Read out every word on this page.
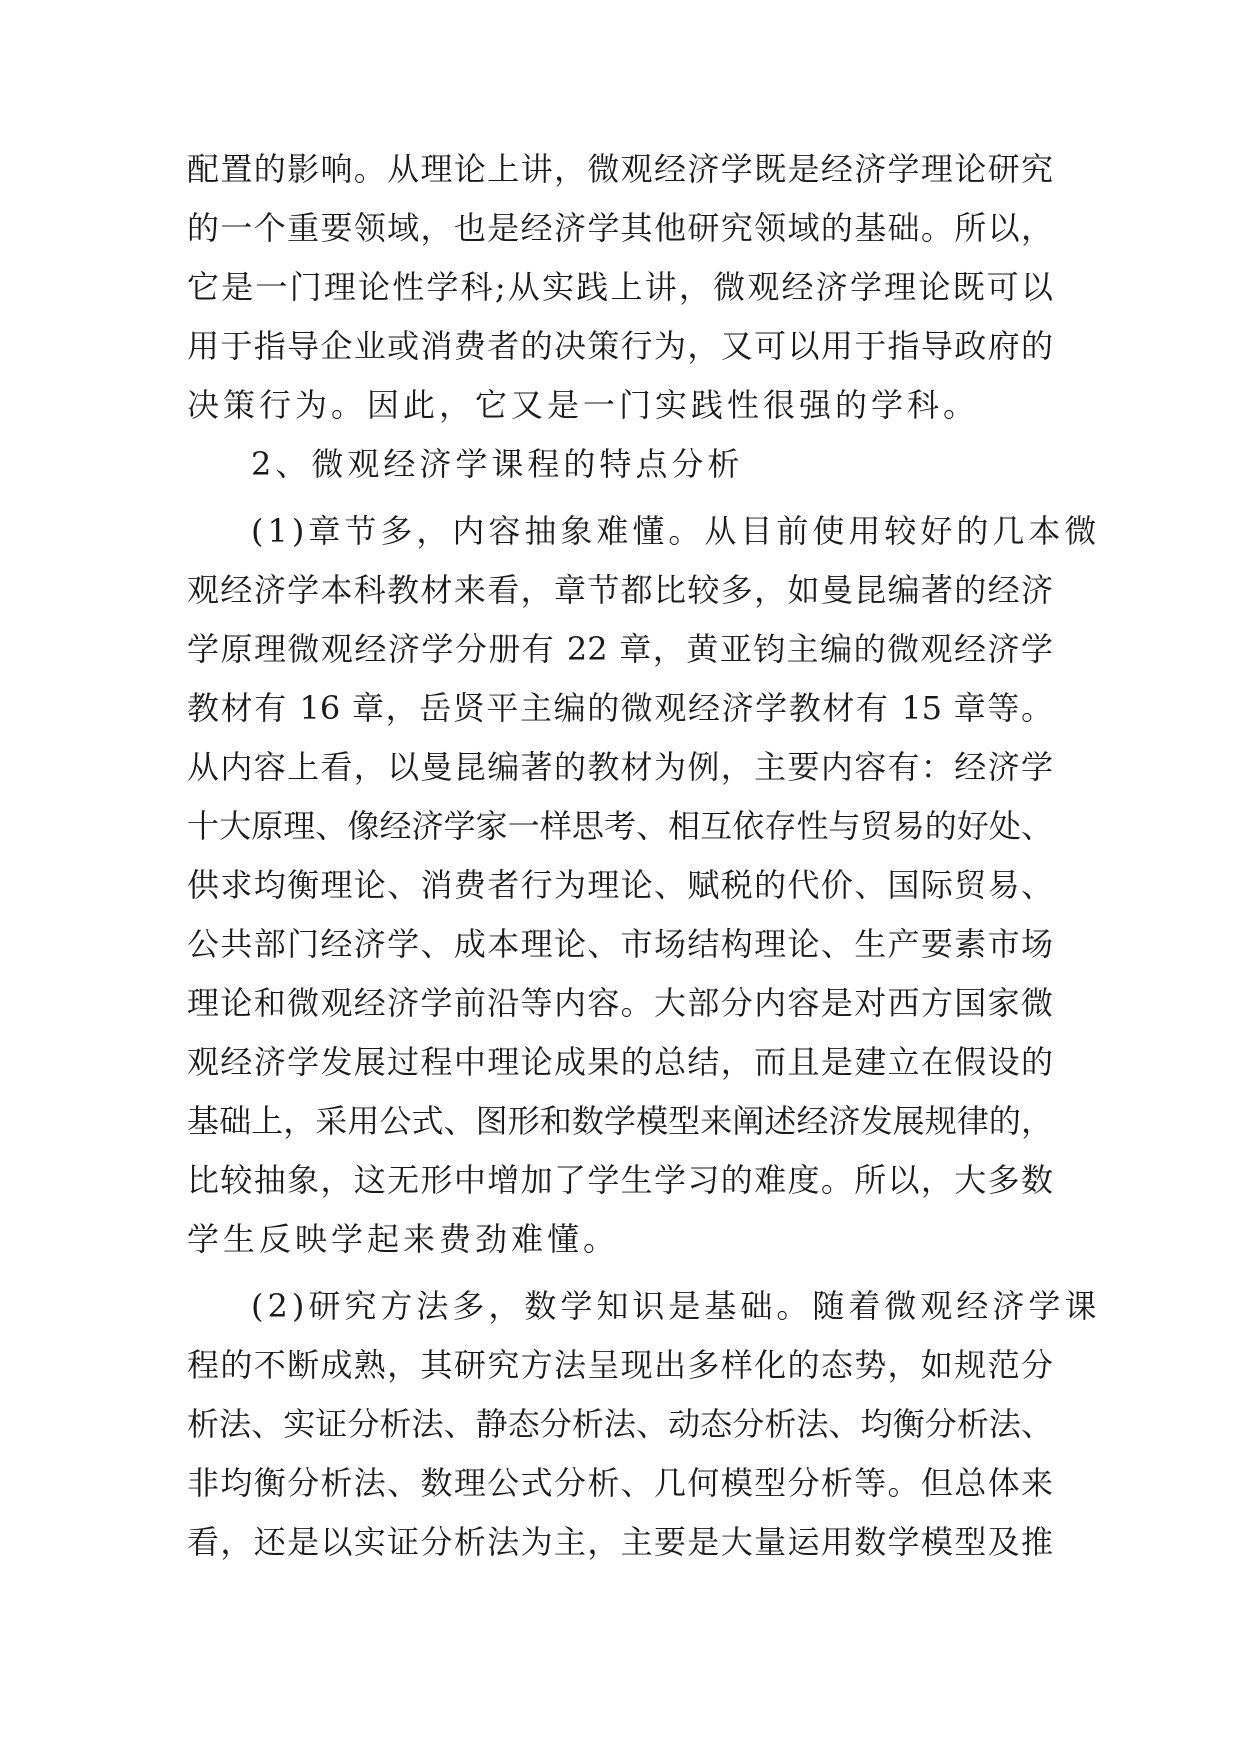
配置的影响。从理论上讲，微观经济学既是经济学理论研究
的一个重要领域，也是经济学其他研究领域的基础。所以，
它是一门理论性学科;从实践上讲，微观经济学理论既可以
用于指导企业或消费者的决策行为，又可以用于指导政府的
决策行为。因此，它又是一门实践性很强的学科。
2、微观经济学课程的特点分析
(1)章节多，内容抽象难懂。从目前使用较好的几本微
观经济学本科教材来看，章节都比较多，如曼昆编著的经济
学原理微观经济学分册有 22 章，黄亚钧主编的微观经济学
教材有 16 章，岳贤平主编的微观经济学教材有 15 章等。
从内容上看，以曼昆编著的教材为例，主要内容有：经济学
十大原理、像经济学家一样思考、相互依存性与贸易的好处、
供求均衡理论、消费者行为理论、赋税的代价、国际贸易、
公共部门经济学、成本理论、市场结构理论、生产要素市场
理论和微观经济学前沿等内容。大部分内容是对西方国家微
观经济学发展过程中理论成果的总结，而且是建立在假设的
基础上，采用公式、图形和数学模型来阐述经济发展规律的，
比较抽象，这无形中增加了学生学习的难度。所以，大多数
学生反映学起来费劲难懂。
(2)研究方法多，数学知识是基础。随着微观经济学课
程的不断成熟，其研究方法呈现出多样化的态势，如规范分
析法、实证分析法、静态分析法、动态分析法、均衡分析法、
非均衡分析法、数理公式分析、几何模型分析等。但总体来
看，还是以实证分析法为主，主要是大量运用数学模型及推
